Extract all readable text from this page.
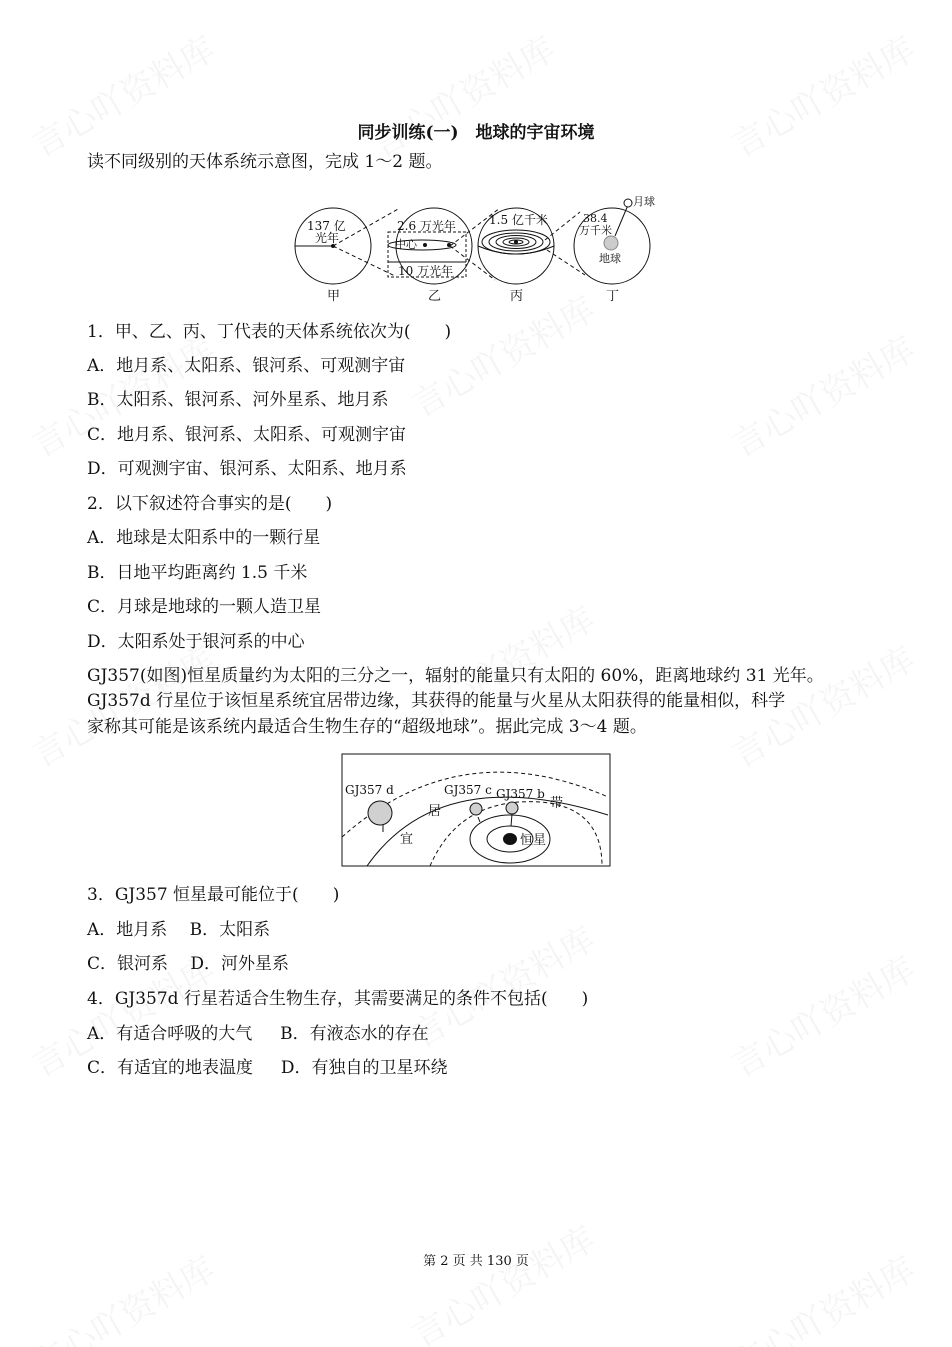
同步训练(一)　地球的宇宙环境
读不同级别的天体系统示意图，完成 1～2 题。
137 亿
光年
2.6 万光年
中心
10 万光年
1.5 亿千米	38.4
万千米
月球
地球
甲	乙	丙	丁
1．甲、乙、丙、丁代表的天体系统依次为(　　)
A．地月系、太阳系、银河系、可观测宇宙
B．太阳系、银河系、河外星系、地月系
C．地月系、银河系、太阳系、可观测宇宙
D．可观测宇宙、银河系、太阳系、地月系
2．以下叙述符合事实的是(　　)
A．地球是太阳系中的一颗行星
B．日地平均距离约 1.5 千米
C．月球是地球的一颗人造卫星
D．太阳系处于银河系的中心
GJ357(如图)恒星质量约为太阳的三分之一，辐射的能量只有太阳的 60%，距离地球约 31 光年。
GJ357d 行星位于该恒星系统宜居带边缘，其获得的能量与火星从太阳获得的能量相似，科学
家称其可能是该系统内最适合生物生存的“超级地球”。据此完成 3～4 题。
GJ357 d	GJ357 c GJ357 b
宜
居
带
恒星
3．GJ357 恒星最可能位于(　　)
A．地月系　 B．太阳系
C．银河系　 D．河外星系
4．GJ357d 行星若适合生物生存，其需要满足的条件不包括(　　)
A．有适合呼吸的大气　  B．有液态水的存在
C．有适宜的地表温度　  D．有独自的卫星环绕
第 2 页 共 130 页
